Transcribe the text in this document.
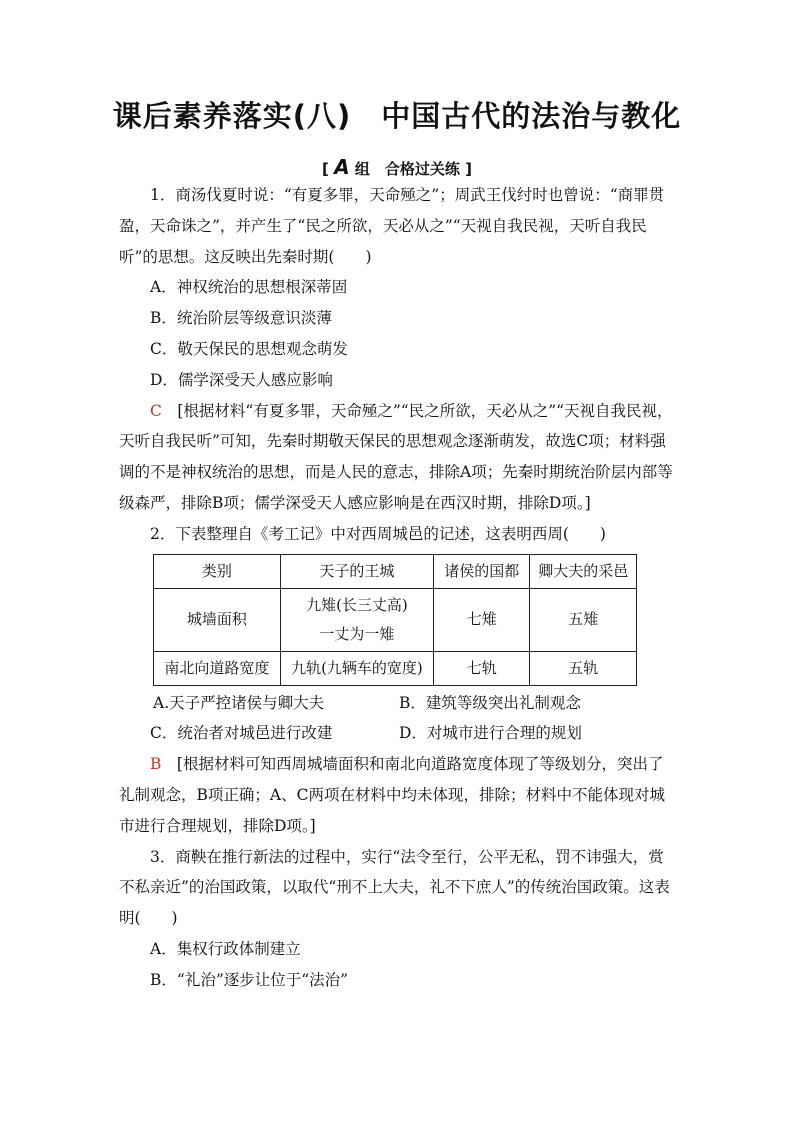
课后素养落实(八)　中国古代的法治与教化
[ A 组　合格过关练 ]

1．商汤伐夏时说：“有夏多罪，天命殛之”；周武王伐纣时也曾说：“商罪贯盈，天命诛之”，并产生了“民之所欲，天必从之”“天视自我民视，天听自我民听”的思想。这反映出先秦时期(　　)

A．神权统治的思想根深蒂固

B．统治阶层等级意识淡薄

C．敬天保民的思想观念萌发

D．儒学深受天人感应影响

C　[根据材料“有夏多罪，天命殛之”“民之所欲，天必从之”“天视自我民视，天听自我民听”可知，先秦时期敬天保民的思想观念逐渐萌发，故选C项；材料强调的不是神权统治的思想，而是人民的意志，排除A项；先秦时期统治阶层内部等级森严，排除B项；儒学深受天人感应影响是在西汉时期，排除D项。]

2．下表整理自《考工记》中对西周城邑的记述，这表明西周(　　)

类别	天子的王城	诸侯的国都	卿大夫的采邑
城墙面积	九雉(长三丈高)
一丈为一雉	七雉	五雉
南北向道路宽度	九轨(九辆车的宽度)	七轨	五轨
A.天子严控诸侯与卿大夫	B．建筑等级突出礼制观念
C．统治者对城邑进行改建	D．对城市进行合理的规划

B　[根据材料可知西周城墙面积和南北向道路宽度体现了等级划分，突出了礼制观念，B项正确；A、C两项在材料中均未体现，排除；材料中不能体现对城市进行合理规划，排除D项。]

3．商鞅在推行新法的过程中，实行“法令至行，公平无私，罚不讳强大，赏不私亲近”的治国政策，以取代“刑不上大夫，礼不下庶人”的传统治国政策。这表明(　　)

A．集权行政体制建立

B．“礼治”逐步让位于“法治”
